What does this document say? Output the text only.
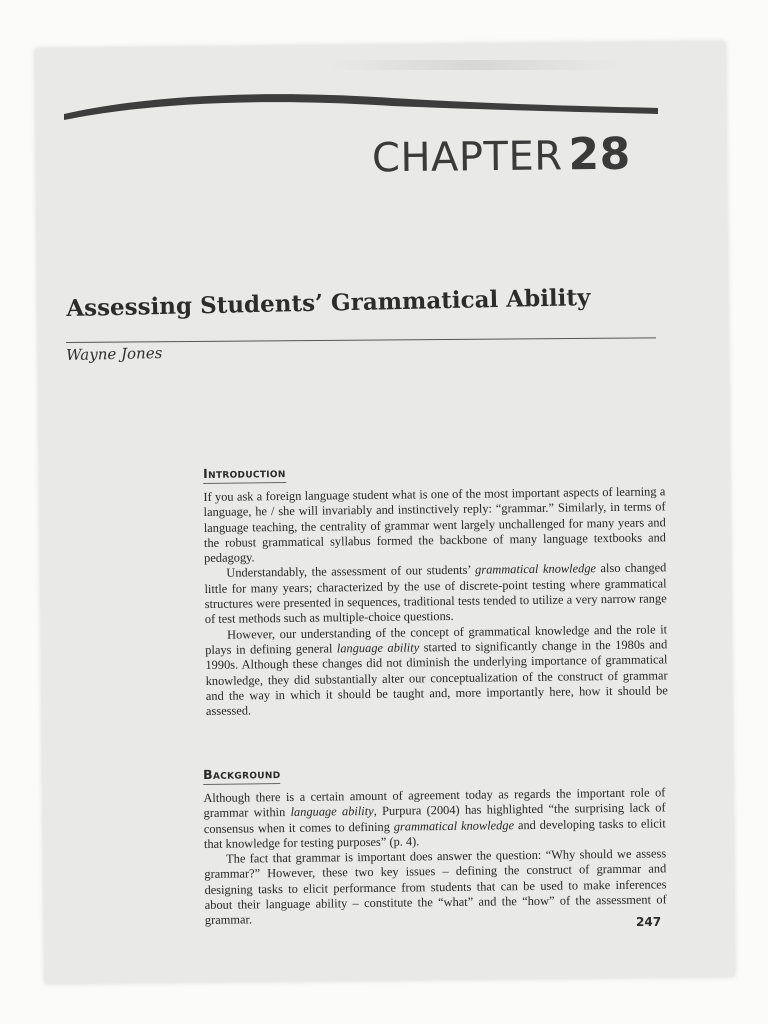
CHAPTER 28
Assessing Students’ Grammatical Ability
Wayne Jones
Introduction

If you ask a foreign language student what is one of the most important aspects of learning a language, he / she will invariably and instinctively reply: “grammar.” Similarly, in terms of language teaching, the centrality of grammar went largely unchallenged for many years and the robust grammatical syllabus formed the backbone of many language textbooks and pedagogy.

Understandably, the assessment of our students’ grammatical knowledge also changed little for many years; characterized by the use of discrete-point testing where grammatical structures were presented in sequences, traditional tests tended to utilize a very narrow range of test methods such as multiple-choice questions.

However, our understanding of the concept of grammatical knowledge and the role it plays in defining general language ability started to significantly change in the 1980s and 1990s. Although these changes did not diminish the underlying importance of grammatical knowledge, they did substantially alter our conceptualization of the construct of grammar and the way in which it should be taught and, more importantly here, how it should be assessed.

Background

Although there is a certain amount of agreement today as regards the important role of grammar within language ability, Purpura (2004) has highlighted “the surprising lack of consensus when it comes to defining grammatical knowledge and developing tasks to elicit that knowledge for testing purposes” (p. 4).

The fact that grammar is important does answer the question: “Why should we assess grammar?” However, these two key issues – defining the construct of grammar and designing tasks to elicit performance from students that can be used to make inferences about their language ability – constitute the “what” and the “how” of the assessment of grammar.	247
